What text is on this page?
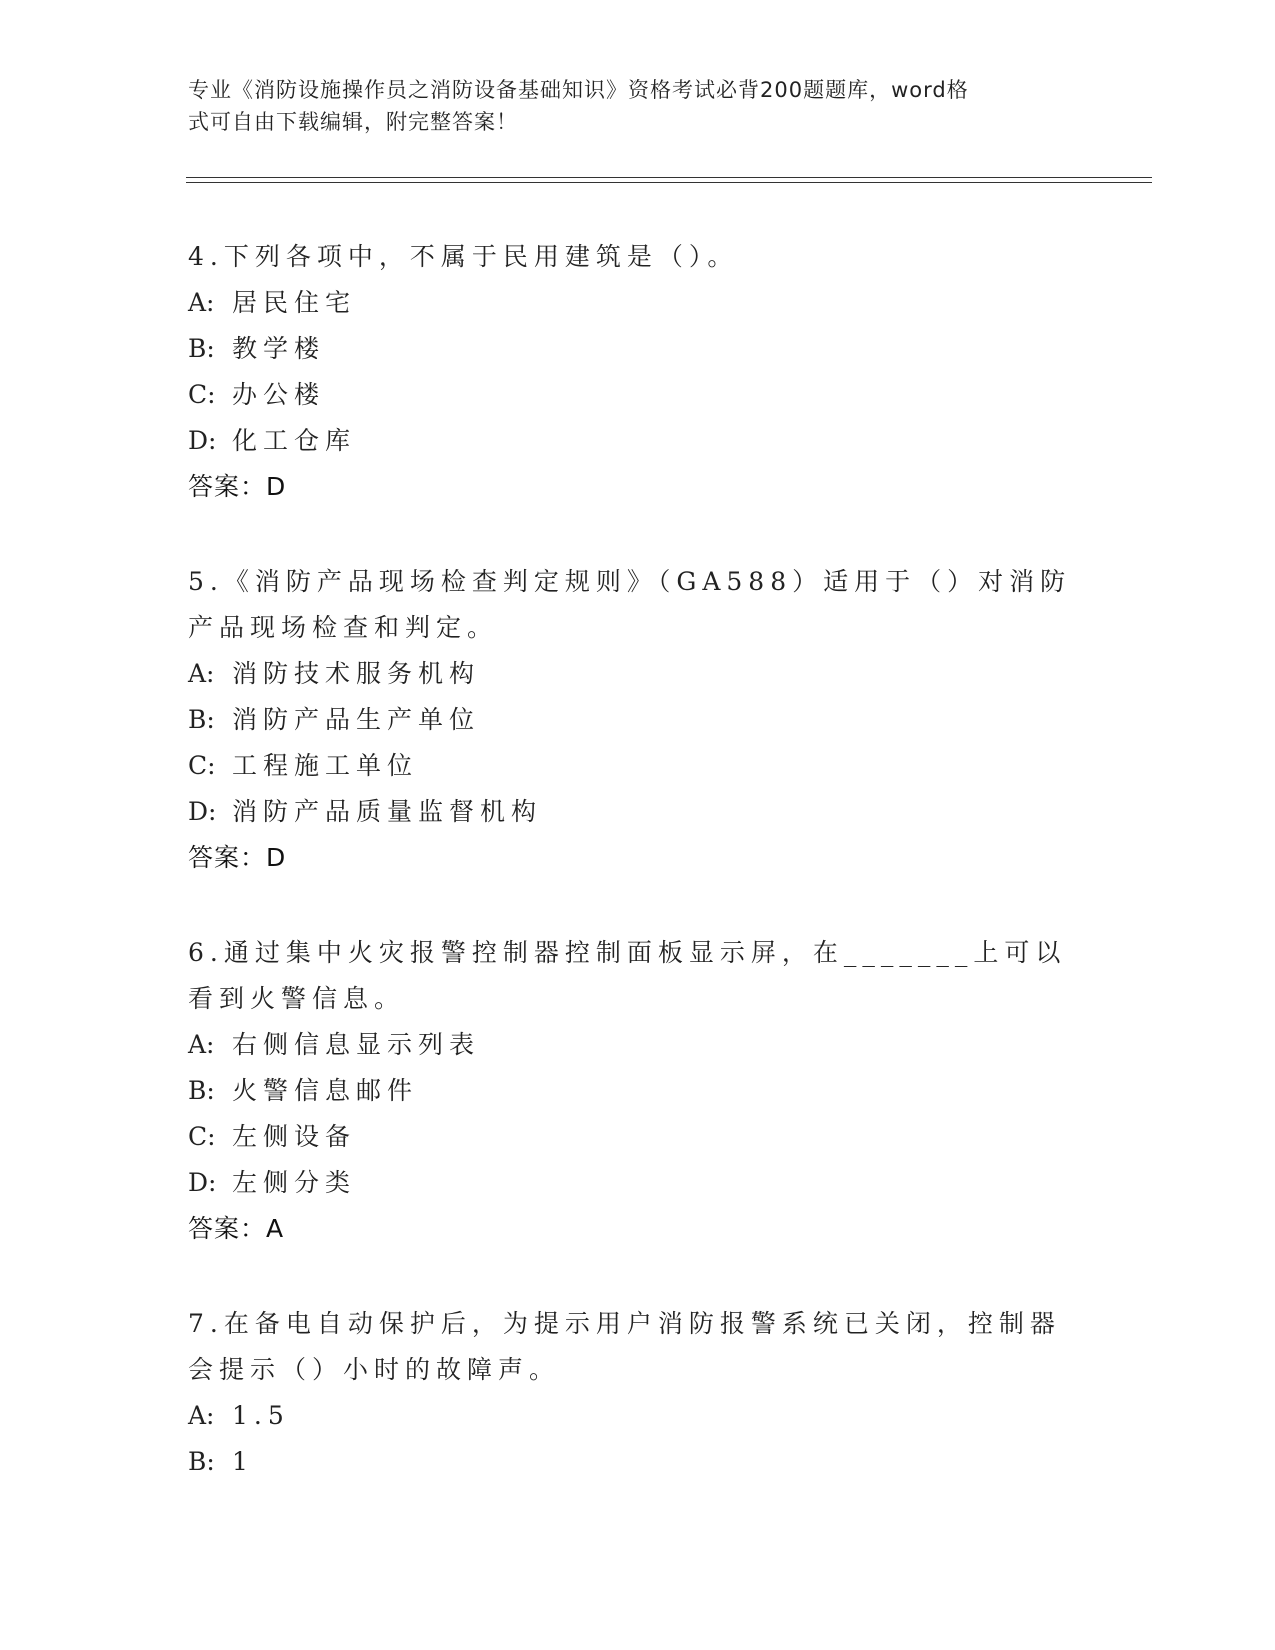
专业《消防设施操作员之消防设备基础知识》资格考试必背200题题库，word格
式可自由下载编辑，附完整答案！
4.下列各项中，不属于民用建筑是（）。
A: 居民住宅
B: 教学楼
C: 办公楼
D: 化工仓库
答案：D
5.《消防产品现场检查判定规则》（GA588）适用于（）对消防产品现场检查和判定。
A: 消防技术服务机构
B: 消防产品生产单位
C: 工程施工单位
D: 消防产品质量监督机构
答案：D
6.通过集中火灾报警控制器控制面板显示屏，在_______上可以看到火警信息。
A: 右侧信息显示列表
B: 火警信息邮件
C: 左侧设备
D: 左侧分类
答案：A
7.在备电自动保护后，为提示用户消防报警系统已关闭，控制器会提示（）小时的故障声。
A: 1.5
B: 1
